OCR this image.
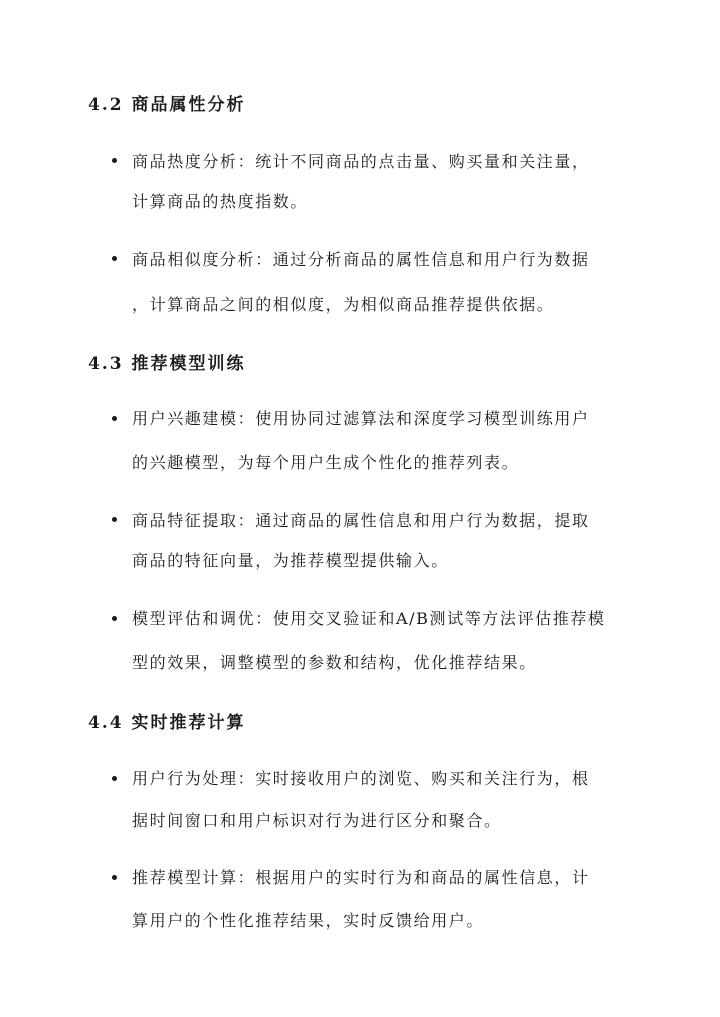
4.2 商品属性分析
商品热度分析：统计不同商品的点击量、购买量和关注量，
计算商品的热度指数。
商品相似度分析：通过分析商品的属性信息和用户行为数据
，计算商品之间的相似度，为相似商品推荐提供依据。
4.3 推荐模型训练
用户兴趣建模：使用协同过滤算法和深度学习模型训练用户
的兴趣模型，为每个用户生成个性化的推荐列表。
商品特征提取：通过商品的属性信息和用户行为数据，提取
商品的特征向量，为推荐模型提供输入。
模型评估和调优：使用交叉验证和A/B测试等方法评估推荐模
型的效果，调整模型的参数和结构，优化推荐结果。
4.4 实时推荐计算
用户行为处理：实时接收用户的浏览、购买和关注行为，根
据时间窗口和用户标识对行为进行区分和聚合。
推荐模型计算：根据用户的实时行为和商品的属性信息，计
算用户的个性化推荐结果，实时反馈给用户。
